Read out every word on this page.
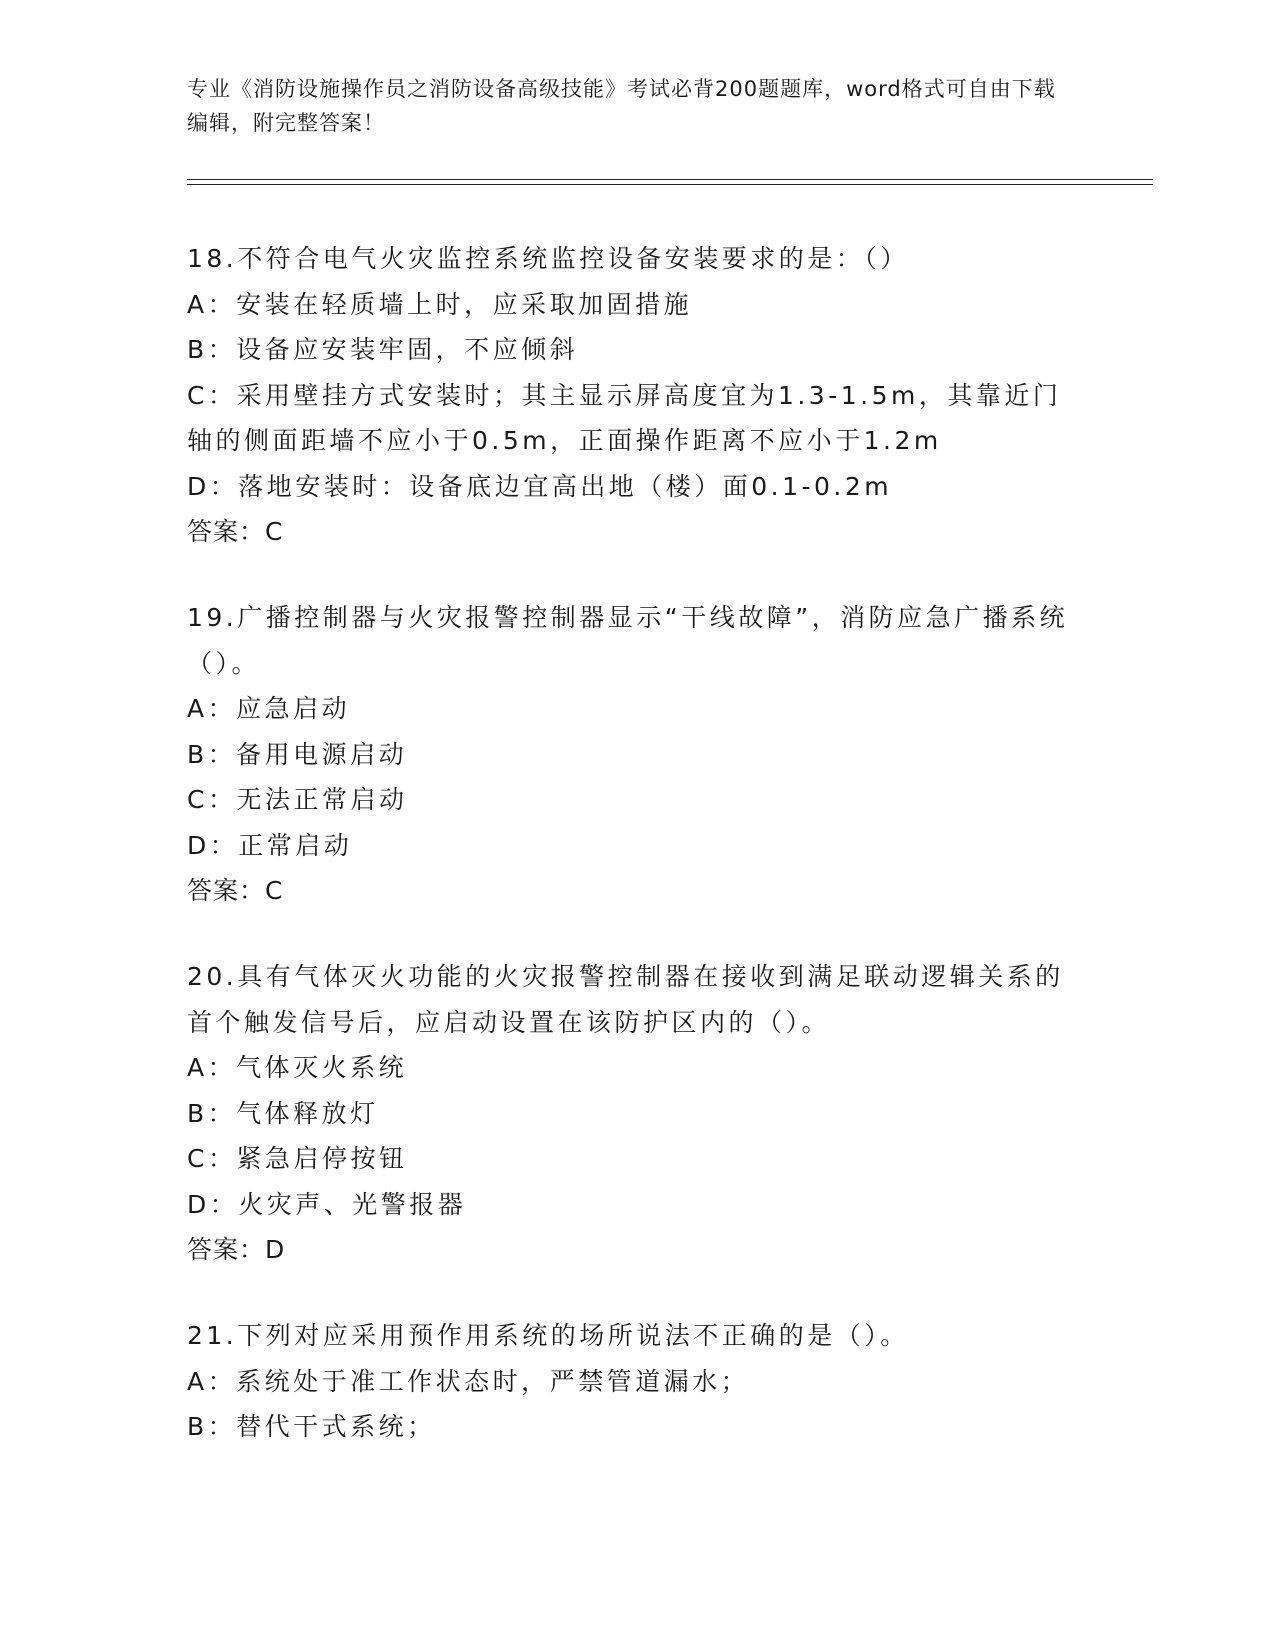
专业《消防设施操作员之消防设备高级技能》考试必背200题题库，word格式可自由下载编辑，附完整答案！

18.不符合电气火灾监控系统监控设备安装要求的是：（）

A：安装在轻质墙上时，应采取加固措施

B：设备应安装牢固，不应倾斜

C：采用壁挂方式安装时；其主显示屏高度宜为1.3-1.5m，其靠近门轴的侧面距墙不应小于0.5m，正面操作距离不应小于1.2m

D：落地安装时：设备底边宜高出地（楼）面0.1-0.2m

答案：C

19.广播控制器与火灾报警控制器显示“干线故障”，消防应急广播系统（）。

A：应急启动

B：备用电源启动

C：无法正常启动

D：正常启动

答案：C

20.具有气体灭火功能的火灾报警控制器在接收到满足联动逻辑关系的首个触发信号后，应启动设置在该防护区内的（）。

A：气体灭火系统

B：气体释放灯

C：紧急启停按钮

D：火灾声、光警报器

答案：D

21.下列对应采用预作用系统的场所说法不正确的是（）。

A：系统处于准工作状态时，严禁管道漏水；

B：替代干式系统；
